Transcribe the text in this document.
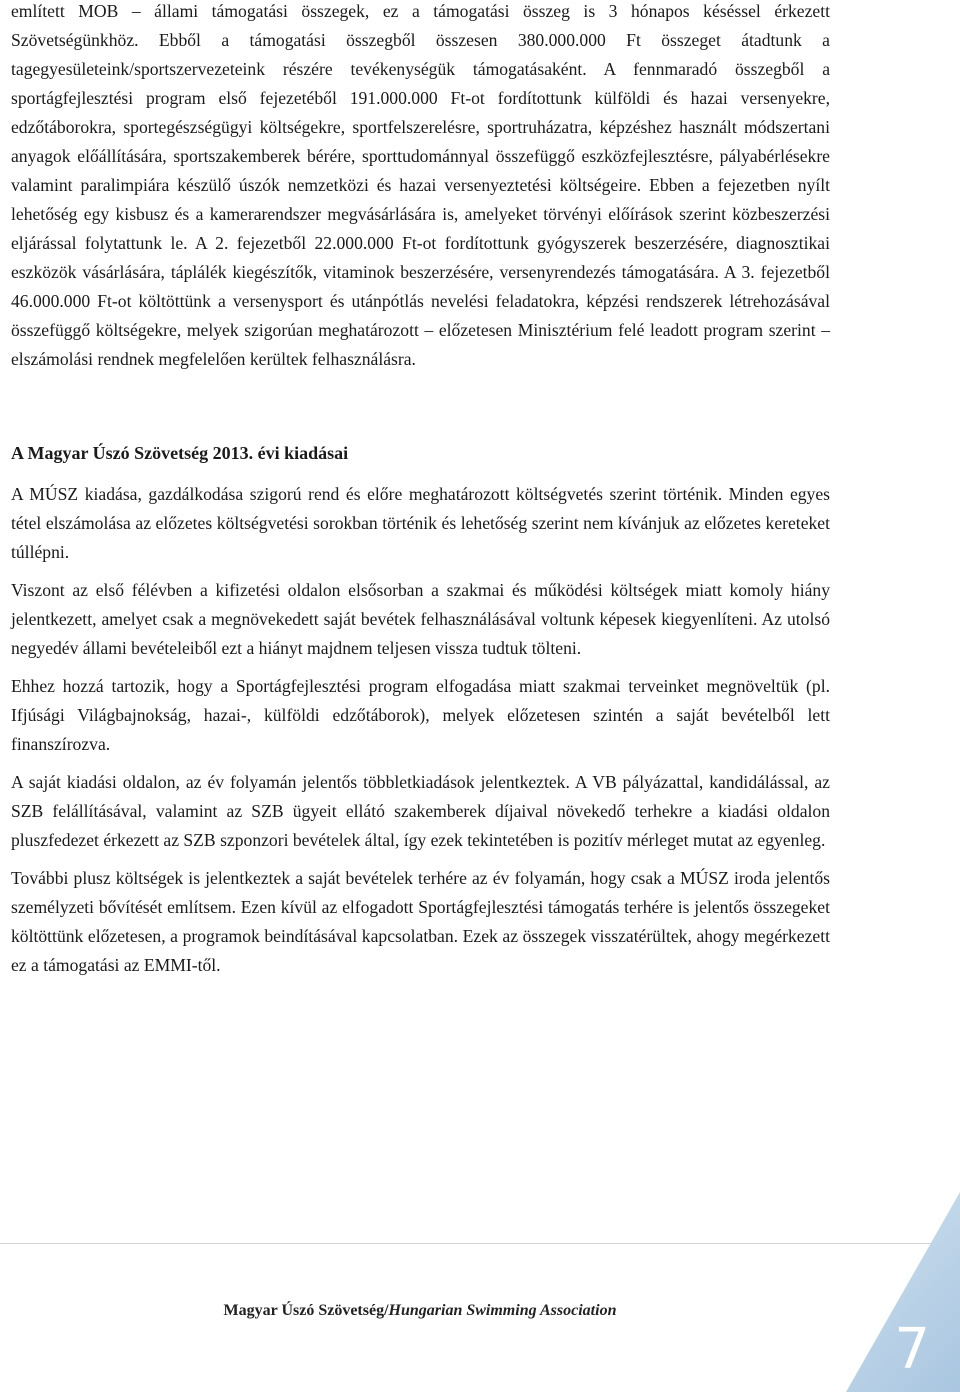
említett MOB – állami támogatási összegek, ez a támogatási összeg is 3 hónapos késéssel érkezett Szövetségünkhöz. Ebből a támogatási összegből összesen 380.000.000 Ft összeget átadtunk a tagegyesületeink/sportszervezeteink részére tevékenységük támogatásaként. A fennmaradó összegből a sportágfejlesztési program első fejezetéből 191.000.000 Ft-ot fordítottunk külföldi és hazai versenyekre, edzőtáborokra, sportegészségügyi költségekre, sportfelszerelésre, sportruházatra, képzéshez használt módszertani anyagok előállítására, sportszakemberek bérére, sporttudománnyal összefüggő eszközfejlesztésre, pályabérlésekre valamint paralimpiára készülő úszók nemzetközi és hazai versenyeztetési költségeire. Ebben a fejezetben nyílt lehetőség egy kisbusz és a kamerarendszer megvásárlására is, amelyeket törvényi előírások szerint közbeszerzési eljárással folytattunk le. A 2. fejezetből 22.000.000 Ft-ot fordítottunk gyógyszerek beszerzésére, diagnosztikai eszközök vásárlására, táplálék kiegészítők, vitaminok beszerzésére, versenyrendezés támogatására. A 3. fejezetből 46.000.000 Ft-ot költöttünk a versenysport és utánpótlás nevelési feladatokra, képzési rendszerek létrehozásával összefüggő költségekre, melyek szigorúan meghatározott – előzetesen Minisztérium felé leadott program szerint – elszámolási rendnek megfelelően kerültek felhasználásra.

A Magyar Úszó Szövetség 2013. évi kiadásai

A MÚSZ kiadása, gazdálkodása szigorú rend és előre meghatározott költségvetés szerint történik. Minden egyes tétel elszámolása az előzetes költségvetési sorokban történik és lehetőség szerint nem kívánjuk az előzetes kereteket túllépni.

Viszont az első félévben a kifizetési oldalon elsősorban a szakmai és működési költségek miatt komoly hiány jelentkezett, amelyet csak a megnövekedett saját bevétek felhasználásával voltunk képesek kiegyenlíteni. Az utolsó negyedév állami bevételeiből ezt a hiányt majdnem teljesen vissza tudtuk tölteni.

Ehhez hozzá tartozik, hogy a Sportágfejlesztési program elfogadása miatt szakmai terveinket megnöveltük (pl. Ifjúsági Világbajnokság, hazai-, külföldi edzőtáborok), melyek előzetesen szintén a saját bevételből lett finanszírozva.

A saját kiadási oldalon, az év folyamán jelentős többletkiadások jelentkeztek. A VB pályázattal, kandidálással, az SZB felállításával, valamint az SZB ügyeit ellátó szakemberek díjaival növekedő terhekre a kiadási oldalon pluszfedezet érkezett az SZB szponzori bevételek által, így ezek tekintetében is pozitív mérleget mutat az egyenleg.

További plusz költségek is jelentkeztek a saját bevételek terhére az év folyamán, hogy csak a MÚSZ iroda jelentős személyzeti bővítését említsem. Ezen kívül az elfogadott Sportágfejlesztési támogatás terhére is jelentős összegeket költöttünk előzetesen, a programok beindításával kapcsolatban. Ezek az összegek visszatérültek, ahogy megérkezett ez a támogatási az EMMI-től.

Magyar Úszó Szövetség/Hungarian Swimming Association
7
